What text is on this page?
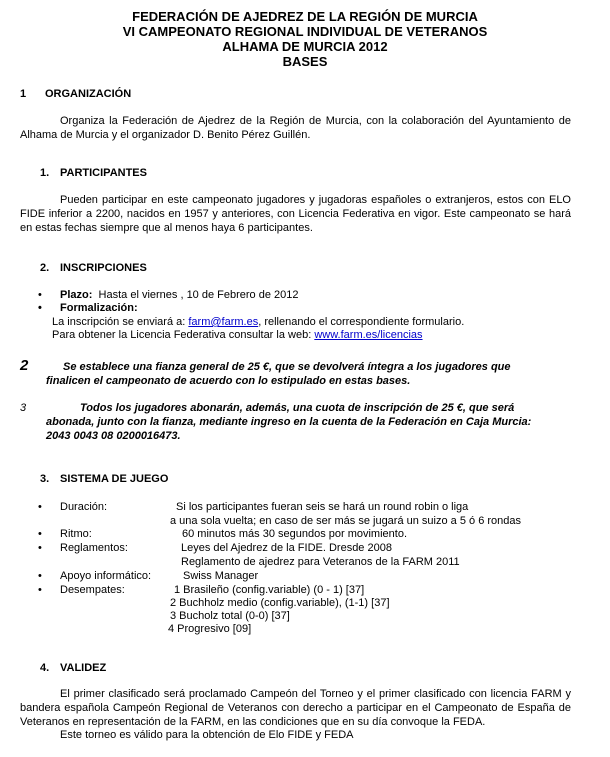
FEDERACIÓN DE AJEDREZ DE LA REGIÓN DE MURCIA
VI CAMPEONATO REGIONAL INDIVIDUAL DE VETERANOS
ALHAMA DE MURCIA 2012
BASES
1 ORGANIZACIÓN
Organiza la Federación de Ajedrez de la Región de Murcia, con la colaboración del Ayuntamiento de Alhama de Murcia y el organizador D. Benito Pérez Guillén.
1. PARTICIPANTES
Pueden participar en este campeonato jugadores y jugadoras españoles o extranjeros, estos con ELO FIDE inferior a 2200, nacidos en 1957 y anteriores, con Licencia Federativa en vigor. Este campeonato se hará en estas fechas siempre que al menos haya 6 participantes.
2. INSCRIPCIONES
• Plazo: Hasta el viernes , 10 de Febrero de 2012
• Formalización:
La inscripción se enviará a: farm@farm.es, rellenando el correspondiente formulario.
Para obtener la Licencia Federativa consultar la web: www.farm.es/licencias
2	Se establece una fianza general de 25 €, que se devolverá íntegra a los jugadores que
finalicen el campeonato de acuerdo con lo estipulado en estas bases.
3	Todos los jugadores abonarán, además, una cuota de inscripción de 25 €, que será
abonada, junto con la fianza, mediante ingreso en la cuenta de la Federación en Caja Murcia:
2043 0043 08 0200016473.
3. SISTEMA DE JUEGO
• Duración:	Si los participantes fueran seis se hará un round robin o liga
a una sola vuelta; en caso de ser más se jugará un suizo a 5 ó 6 rondas
• Ritmo:	60 minutos más 30 segundos por movimiento.
• Reglamentos:	Leyes del Ajedrez de la FIDE. Dresde 2008
Reglamento de ajedrez para Veteranos de la FARM 2011
• Apoyo informático:	Swiss Manager
• Desempates:	1 Brasileño (config.variable) (0 - 1) [37]
2 Buchholz medio (config.variable), (1-1) [37]
3 Bucholz total (0-0) [37]
4 Progresivo [09]
4. VALIDEZ
El primer clasificado será proclamado Campeón del Torneo y el primer clasificado con licencia FARM y bandera española Campeón Regional de Veteranos con derecho a participar en el Campeonato de España de Veteranos en representación de la FARM, en las condiciones que en su día convoque la FEDA.
Este torneo es válido para la obtención de Elo FIDE y FEDA
